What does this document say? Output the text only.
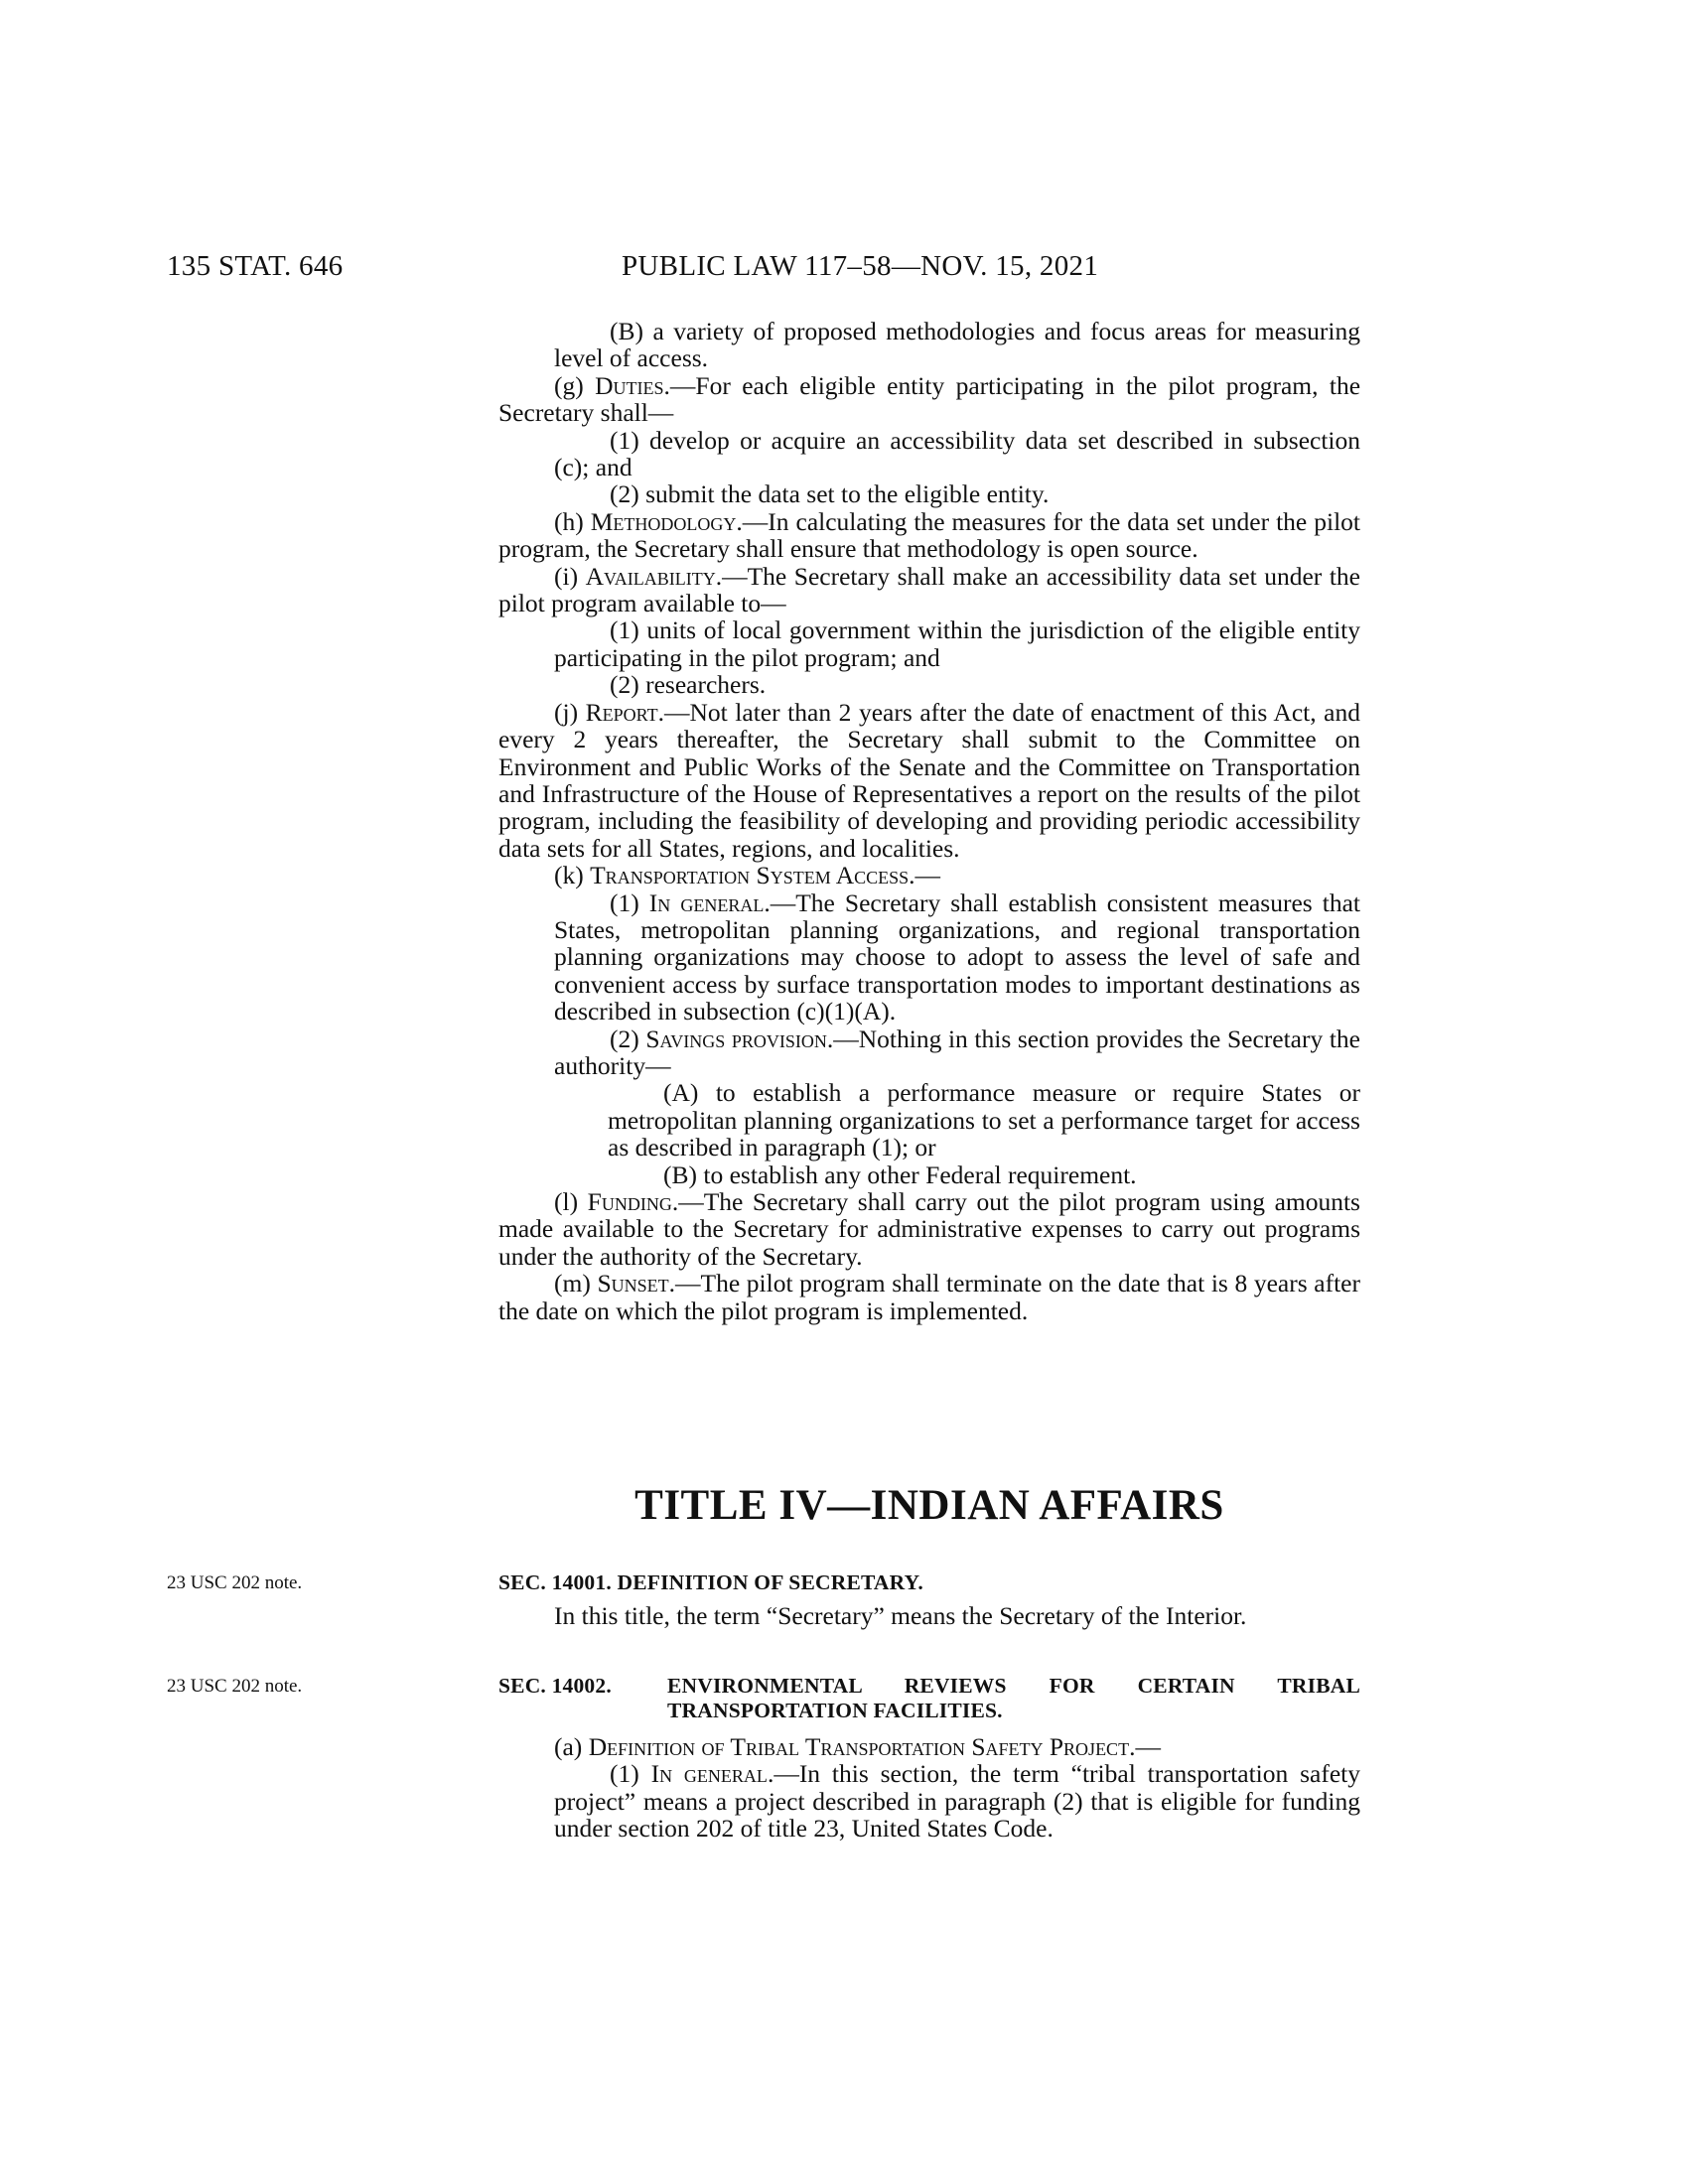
135 STAT. 646	PUBLIC LAW 117–58—NOV. 15, 2021

(B) a variety of proposed methodologies and focus areas for measuring level of access.

(g) Duties.—For each eligible entity participating in the pilot program, the Secretary shall—

(1) develop or acquire an accessibility data set described in subsection (c); and

(2) submit the data set to the eligible entity.

(h) Methodology.—In calculating the measures for the data set under the pilot program, the Secretary shall ensure that methodology is open source.

(i) Availability.—The Secretary shall make an accessibility data set under the pilot program available to—

(1) units of local government within the jurisdiction of the eligible entity participating in the pilot program; and

(2) researchers.

(j) Report.—Not later than 2 years after the date of enactment of this Act, and every 2 years thereafter, the Secretary shall submit to the Committee on Environment and Public Works of the Senate and the Committee on Transportation and Infrastructure of the House of Representatives a report on the results of the pilot program, including the feasibility of developing and providing periodic accessibility data sets for all States, regions, and localities.

(k) Transportation System Access.—

(1) In general.—The Secretary shall establish consistent measures that States, metropolitan planning organizations, and regional transportation planning organizations may choose to adopt to assess the level of safe and convenient access by surface transportation modes to important destinations as described in subsection (c)(1)(A).

(2) Savings provision.—Nothing in this section provides the Secretary the authority—

(A) to establish a performance measure or require States or metropolitan planning organizations to set a performance target for access as described in paragraph (1); or

(B) to establish any other Federal requirement.

(l) Funding.—The Secretary shall carry out the pilot program using amounts made available to the Secretary for administrative expenses to carry out programs under the authority of the Secretary.

(m) Sunset.—The pilot program shall terminate on the date that is 8 years after the date on which the pilot program is implemented.

TITLE IV—INDIAN AFFAIRS
23 USC 202 note.	SEC. 14001. DEFINITION OF SECRETARY.

In this title, the term “Secretary” means the Secretary of the Interior.

23 USC 202 note.	SEC. 14002.	ENVIRONMENTAL REVIEWS FOR CERTAIN TRIBAL
TRANSPORTATION FACILITIES.

(a) Definition of Tribal Transportation Safety Project.—

(1) In general.—In this section, the term “tribal transportation safety project” means a project described in paragraph (2) that is eligible for funding under section 202 of title 23, United States Code.
